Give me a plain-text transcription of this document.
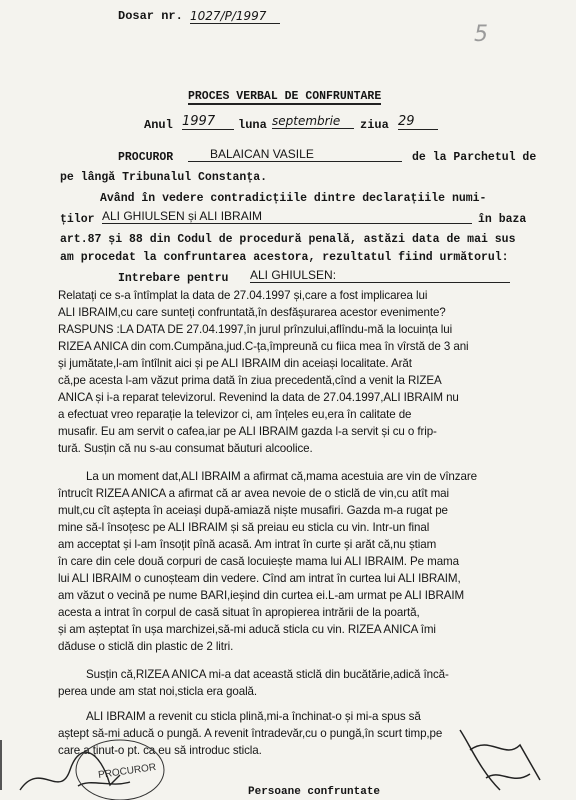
Dosar nr. 1027/P/1997
5
PROCES VERBAL DE CONFRUNTARE
Anul 1997	luna septembrie	ziua 29
PROCUROR	BALAICAN VASILE	de la Parchetul de
pe lângă Tribunalul Constanța.
Având în vedere contradicțiile dintre declarațiile numi-
ților ALI GHIULSEN și ALI IBRAIM	în baza
art.87 și 88 din Codul de procedură penală, astăzi data de mai sus
am procedat la confruntarea acestora, rezultatul fiind următorul:
Intrebare pentru ALI GHIULSEN:
Relatați ce s-a întîmplat la data de 27.04.1997 și,care a fost implicarea lui
ALI IBRAIM,cu care sunteți confruntată,în desfășurarea acestor evenimente?
RASPUNS :LA DATA DE 27.04.1997,în jurul prînzului,aflîndu-mă la locuința lui
RIZEA ANICA din com.Cumpăna,jud.C-ța,împreună cu fiica mea în vîrstă de 3 ani
și jumătate,l-am întîlnit aici și pe ALI IBRAIM din aceiași localitate. Arăt
că,pe acesta l-am văzut prima dată în ziua precedentă,cînd a venit la RIZEA
ANICA și i-a reparat televizorul. Revenind la data de 27.04.1997,ALI IBRAIM nu
a efectuat vreo reparație la televizor ci, am înțeles eu,era în calitate de
musafir. Eu am servit o cafea,iar pe ALI IBRAIM gazda l-a servit și cu o frip-
tură. Susțin că nu s-au consumat băuturi alcoolice.
La un moment dat,ALI IBRAIM a afirmat că,mama acestuia are vin de vînzare
întrucît RIZEA ANICA a afirmat că ar avea nevoie de o sticlă de vin,cu atît mai
mult,cu cît aștepta în aceiași după-amiază niște musafiri. Gazda m-a rugat pe
mine să-l însoțesc pe ALI IBRAIM și să preiau eu sticla cu vin. Intr-un final
am acceptat și l-am însoțit pînă acasă. Am intrat în curte și arăt că,nu știam
în care din cele două corpuri de casă locuiește mama lui ALI IBRAIM. Pe mama
lui ALI IBRAIM o cunoșteam din vedere. Cînd am intrat în curtea lui ALI IBRAIM,
am văzut o vecină pe nume BARI,ieșind din curtea ei.L-am urmat pe ALI IBRAIM
acesta a intrat în corpul de casă situat în apropierea intrării de la poartă,
și am așteptat în ușa marchizei,să-mi aducă sticla cu vin. RIZEA ANICA îmi
dăduse o sticlă din plastic de 2 litri.
Susțin că,RIZEA ANICA mi-a dat această sticlă din bucătărie,adică încă-
perea unde am stat noi,sticla era goală.
ALI IBRAIM a revenit cu sticla plină,mi-a închinat-o și mi-a spus să
aștept să-mi aducă o pungă. A revenit întradevăr,cu o pungă,în scurt timp,pe
care a ținut-o pt. ca eu să introduc sticla.
PROCUROR
Persoane confruntate
